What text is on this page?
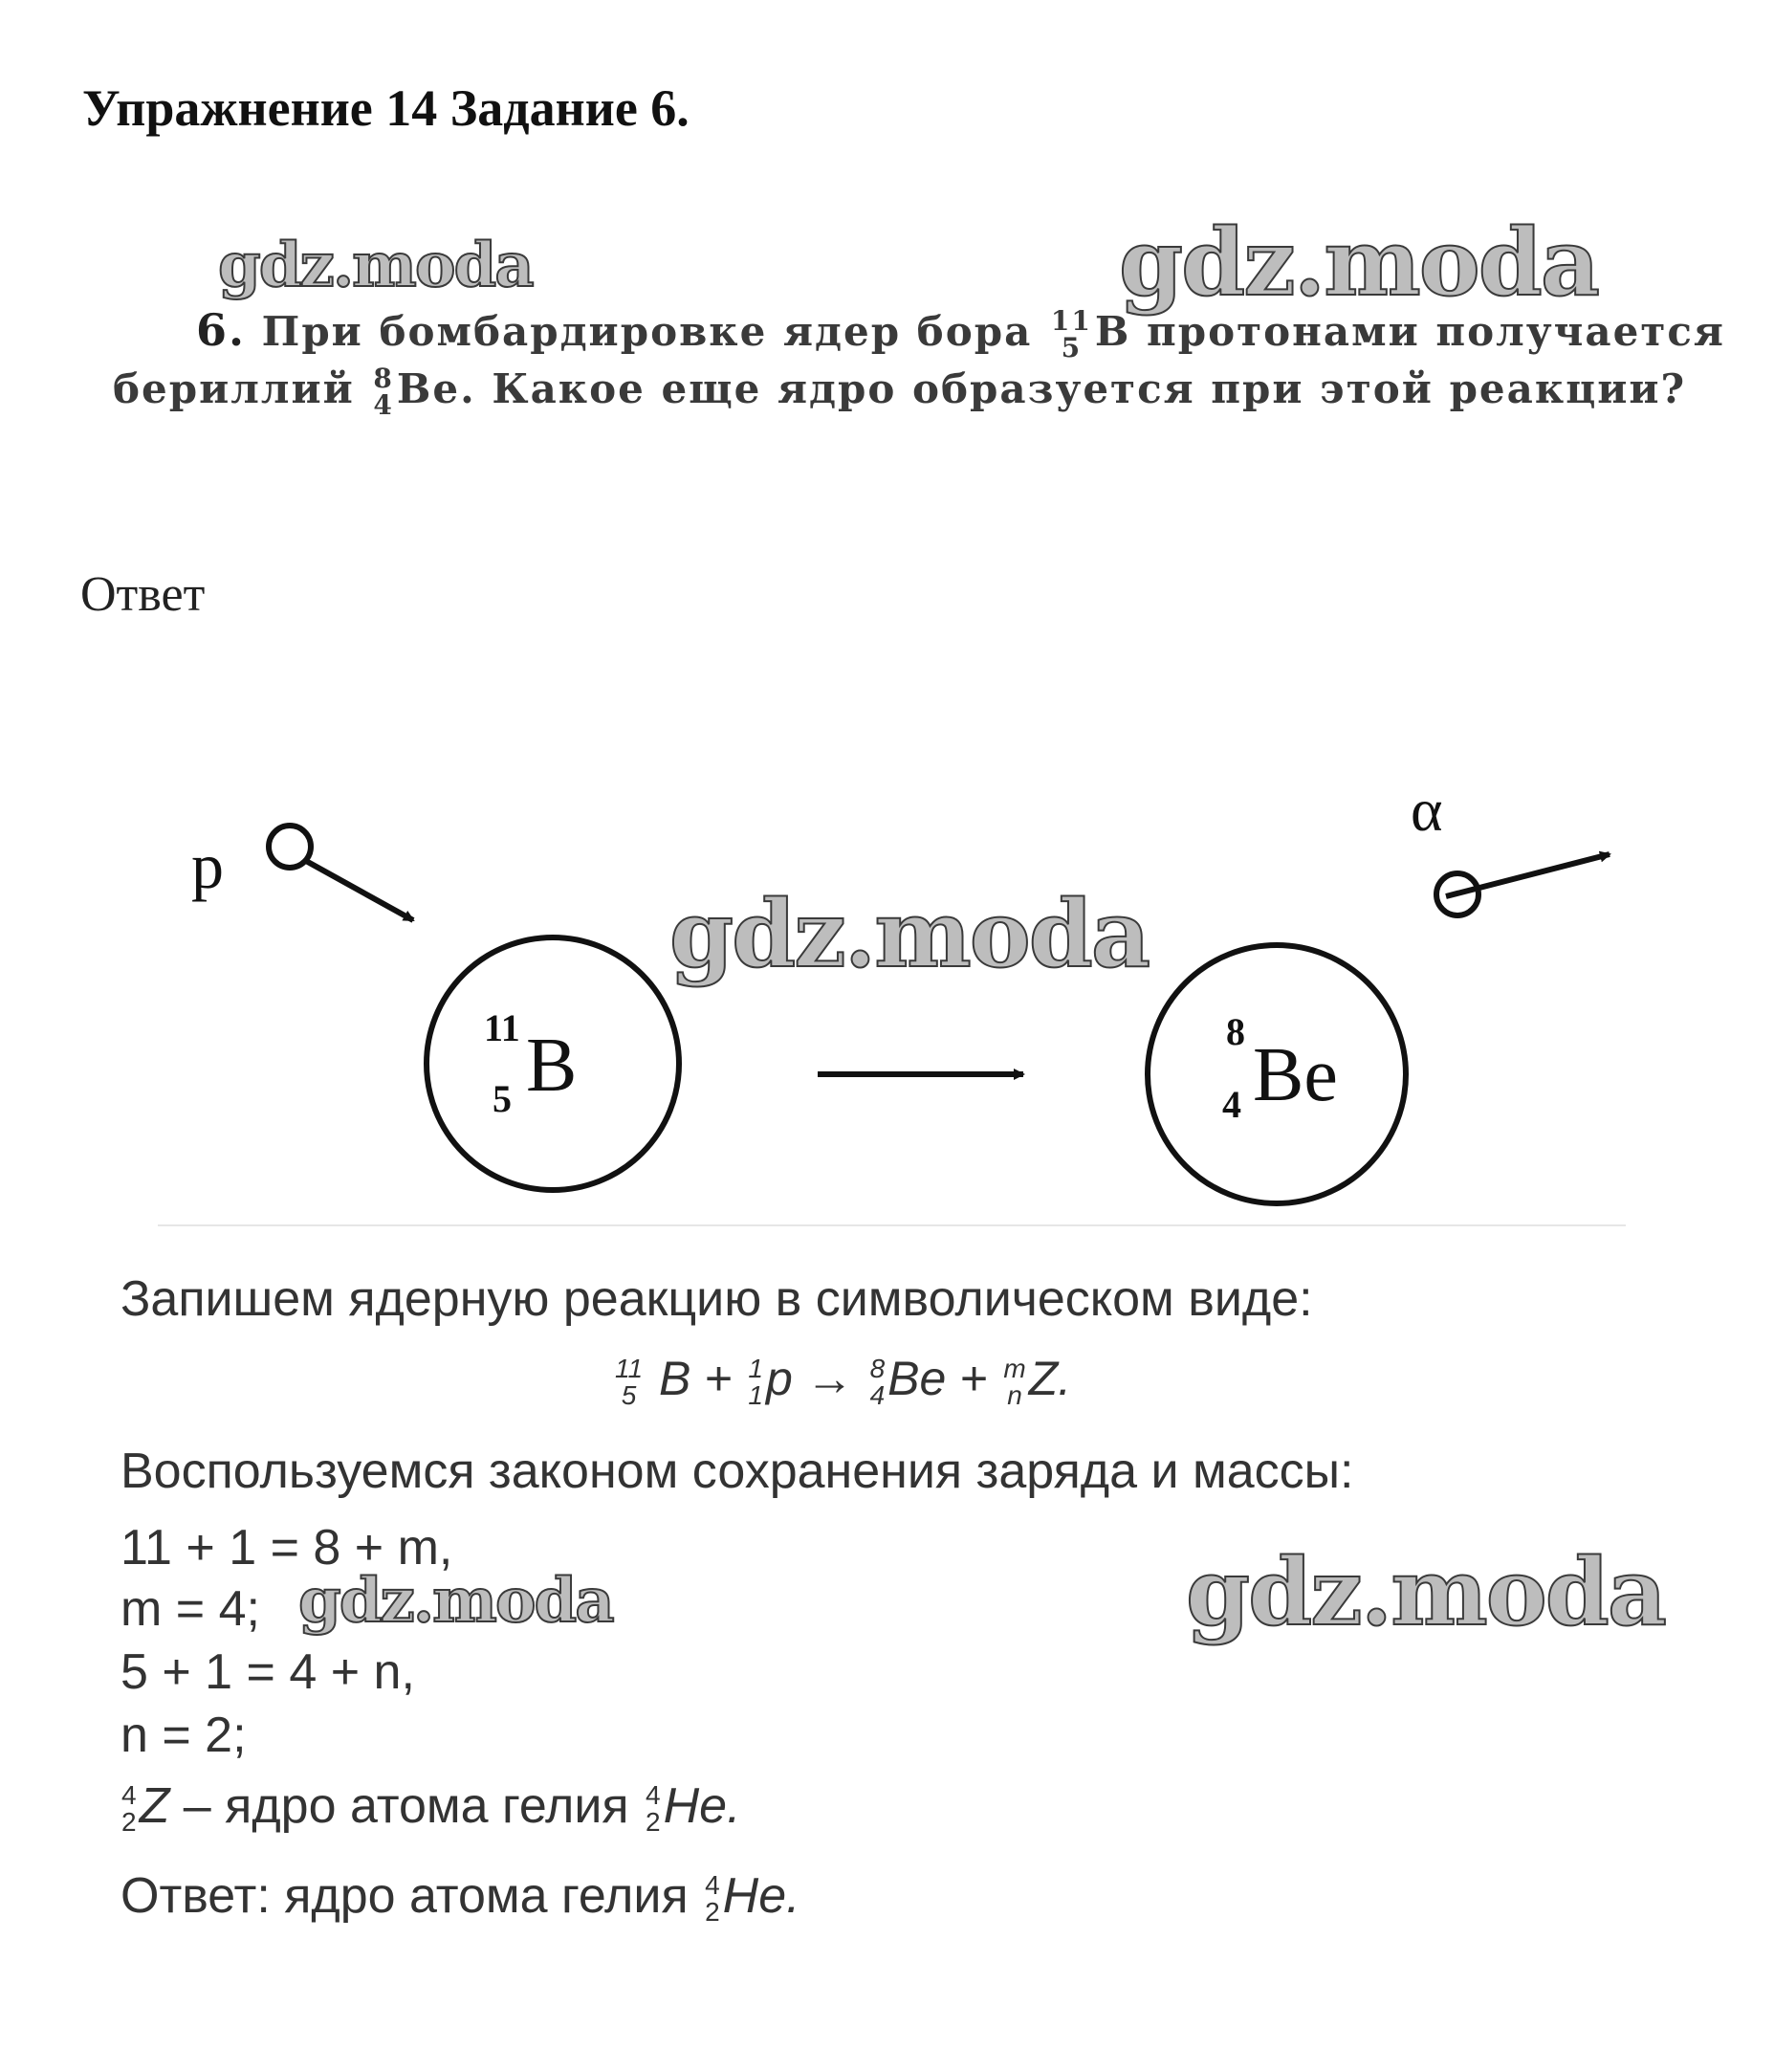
Упражнение 14 Задание 6.
6. При бомбардировке ядер бора 11
5 B протонами получается
бериллий 8
4 Be. Какое еще ядро образуется при этой реакции?
Ответ
p
11
5 B	8
4 Be
α
Запишем ядерную реакцию в символическом виде:
11
5 B + 1
1 p → 8
4 Be + m
n Z.
Воспользуемся законом сохранения заряда и массы:
11 + 1 = 8 + m,
m = 4;
5 + 1 = 4 + n,
n = 2;
4
2 Z – ядро атома гелия 4
2 He.
Ответ: ядро атома гелия 4
2 He.
gdz.moda	gdz.moda
gdz.moda
gdz.moda	gdz.moda
